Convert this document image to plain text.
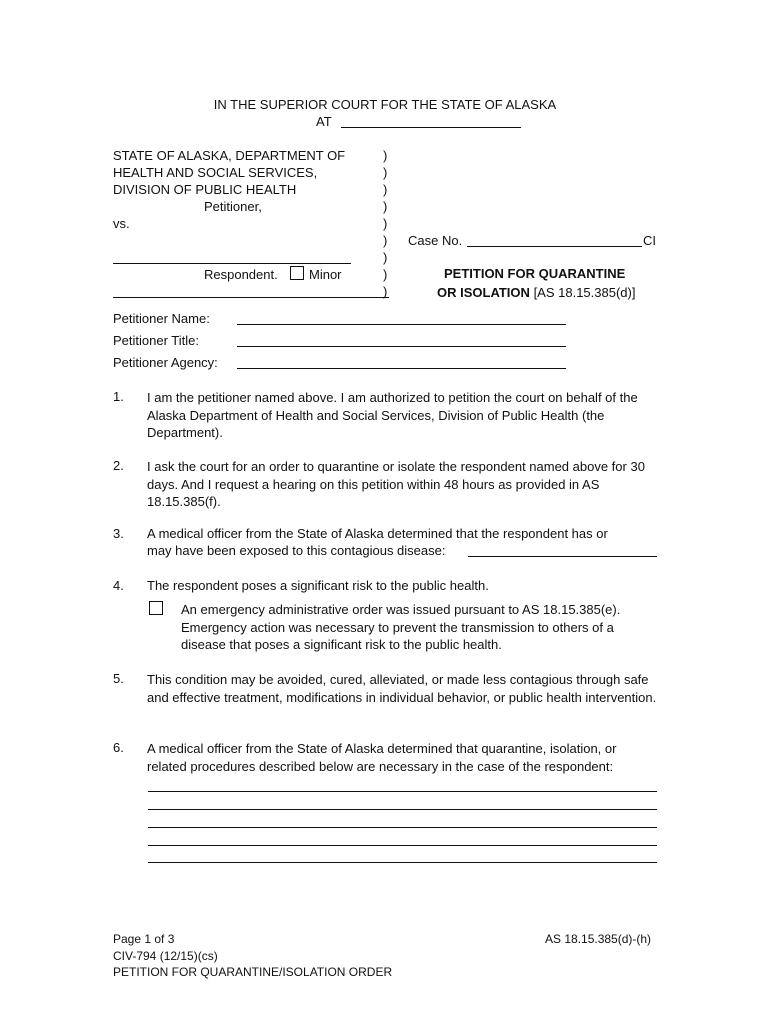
IN THE SUPERIOR COURT FOR THE STATE OF ALASKA
AT
STATE OF ALASKA, DEPARTMENT OF
HEALTH AND SOCIAL SERVICES,
DIVISION OF PUBLIC HEALTH
Petitioner,
vs.
Respondent. Minor
)
)
)
)
)
)
)
)
)
Case No.	CI
PETITION FOR QUARANTINE
OR ISOLATION [AS 18.15.385(d)]
Petitioner Name:
Petitioner Title:
Petitioner Agency:
1. I am the petitioner named above. I am authorized to petition the court on behalf of the Alaska Department of Health and Social Services, Division of Public Health (the Department).
2. I ask the court for an order to quarantine or isolate the respondent named above for 30 days. And I request a hearing on this petition within 48 hours as provided in AS 18.15.385(f).
3. A medical officer from the State of Alaska determined that the respondent has or
may have been exposed to this contagious disease:
4. The respondent poses a significant risk to the public health.
An emergency administrative order was issued pursuant to AS 18.15.385(e). Emergency action was necessary to prevent the transmission to others of a disease that poses a significant risk to the public health.
5. This condition may be avoided, cured, alleviated, or made less contagious through safe and effective treatment, modifications in individual behavior, or public health intervention.
6. A medical officer from the State of Alaska determined that quarantine, isolation, or related procedures described below are necessary in the case of the respondent:
Page 1 of 3
CIV-794 (12/15)(cs)
PETITION FOR QUARANTINE/ISOLATION ORDER
AS 18.15.385(d)-(h)
